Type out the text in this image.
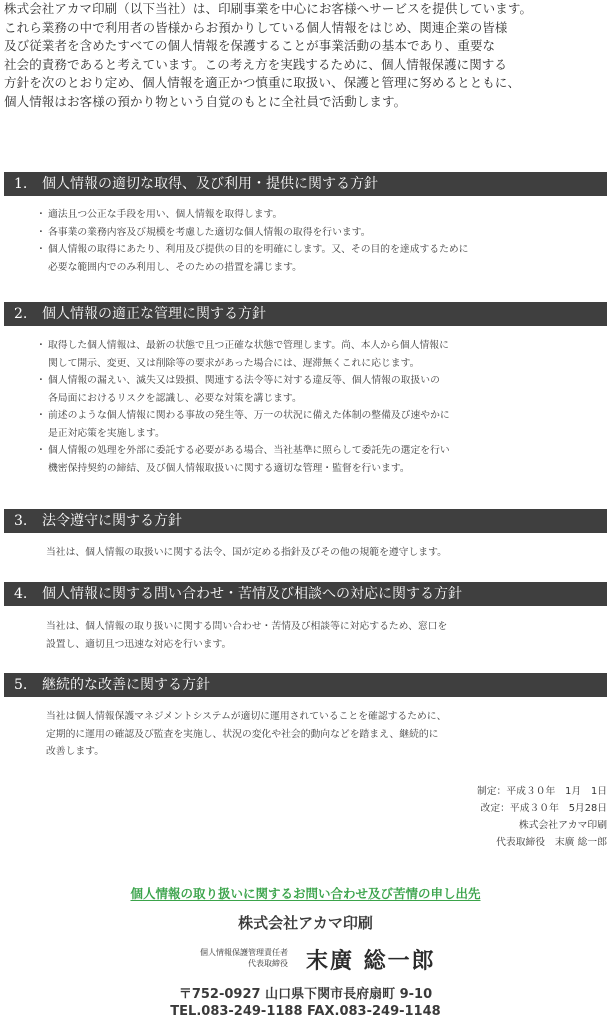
株式会社アカマ印刷（以下当社）は、印刷事業を中心にお客様へサービスを提供しています。

これら業務の中で利用者の皆様からお預かりしている個人情報をはじめ、関連企業の皆様

及び従業者を含めたすべての個人情報を保護することが事業活動の基本であり、重要な

社会的責務であると考えています。この考え方を実践するために、個人情報保護に関する

方針を次のとおり定め、個人情報を適正かつ慎重に取扱い、保護と管理に努めるとともに、

個人情報はお客様の預かり物という自覚のもとに全社員で活動します。

1. 個人情報の適切な取得、及び利用・提供に関する方針

・ 適法且つ公正な手段を用い、個人情報を取得します。

・ 各事業の業務内容及び規模を考慮した適切な個人情報の取得を行います。

・ 個人情報の取得にあたり、利用及び提供の目的を明確にします。又、その目的を達成するために
必要な範囲内でのみ利用し、そのための措置を講じます。

2. 個人情報の適正な管理に関する方針

・ 取得した個人情報は、最新の状態で且つ正確な状態で管理します。尚、本人から個人情報に
関して開示、変更、又は削除等の要求があった場合には、遅滞無くこれに応じます。

・ 個人情報の漏えい、滅失又は毀損、関連する法令等に対する違反等、個人情報の取扱いの
各局面におけるリスクを認識し、必要な対策を講じます。

・ 前述のような個人情報に関わる事故の発生等、万一の状況に備えた体制の整備及び速やかに
是正対応策を実施します。

・ 個人情報の処理を外部に委託する必要がある場合、当社基準に照らして委託先の選定を行い
機密保持契約の締結、及び個人情報取扱いに関する適切な管理・監督を行います。

3. 法令遵守に関する方針

当社は、個人情報の取扱いに関する法令、国が定める指針及びその他の規範を遵守します。

4. 個人情報に関する問い合わせ・苦情及び相談への対応に関する方針

当社は、個人情報の取り扱いに関する問い合わせ・苦情及び相談等に対応するため、窓口を
設置し、適切且つ迅速な対応を行います。

5. 継続的な改善に関する方針

当社は個人情報保護マネジメントシステムが適切に運用されていることを確認するために、
定期的に運用の確認及び監査を実施し、状況の変化や社会的動向などを踏まえ、継続的に
改善します。

制定：平成３０年　1月　1日
改定：平成３０年　5月28日
株式会社アカマ印刷
代表取締役　末廣 総一郎
個人情報の取り扱いに関するお問い合わせ及び苦情の申し出先
株式会社アカマ印刷
個人情報保護管理責任者
代表取締役 末廣 総一郎
〒752-0927 山口県下関市長府扇町 9-10
TEL.083-249-1188 FAX.083-249-1148
